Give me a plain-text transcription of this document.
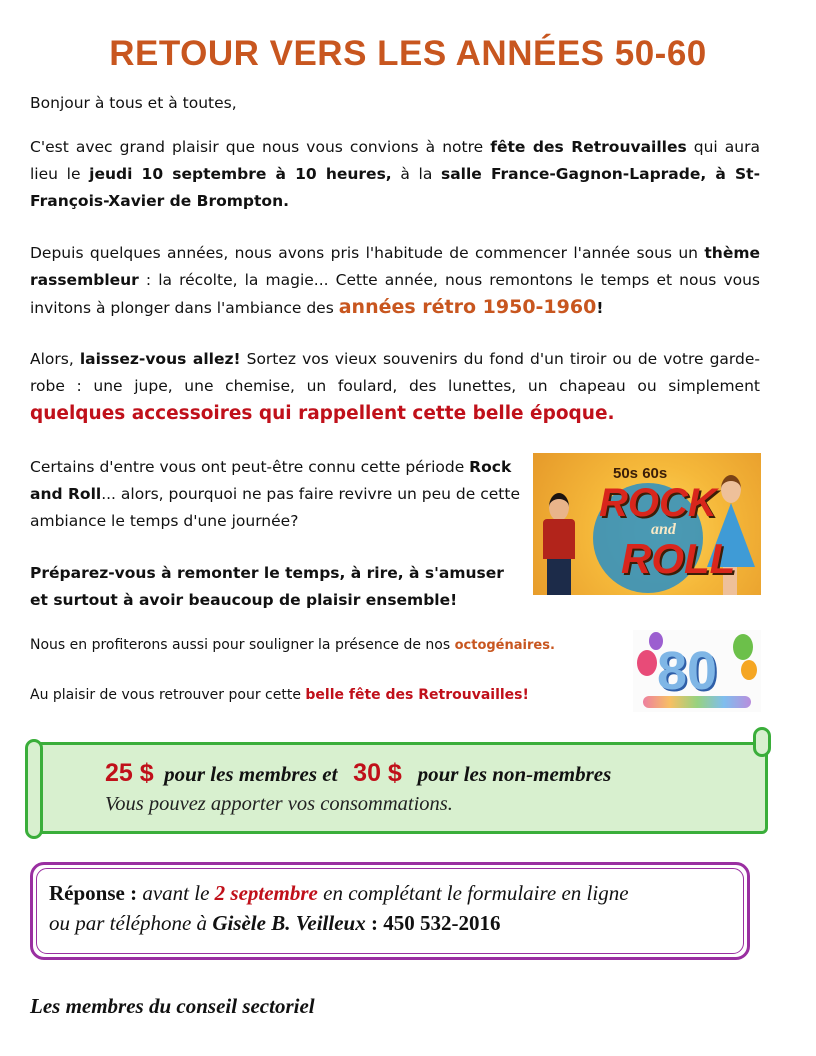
RETOUR VERS LES ANNÉES 50-60

Bonjour à tous et à toutes,

C'est avec grand plaisir que nous vous convions à notre fête des Retrouvailles qui aura lieu le jeudi 10 septembre à 10 heures, à la salle France-Gagnon-Laprade, à St-François-Xavier de Brompton.

Depuis quelques années, nous avons pris l'habitude de commencer l'année sous un thème rassembleur : la récolte, la magie... Cette année, nous remontons le temps et nous vous invitons à plonger dans l'ambiance des années rétro 1950-1960!

Alors, laissez-vous allez! Sortez vos vieux souvenirs du fond d'un tiroir ou de votre garde-robe : une jupe, une chemise, un foulard, des lunettes, un chapeau ou simplement quelques accessoires qui rappellent cette belle époque.

Certains d'entre vous ont peut-être connu cette période Rock and Roll... alors, pourquoi ne pas faire revivre un peu de cette ambiance le temps d'une journée?

Préparez-vous à remonter le temps, à rire, à s'amuser et surtout à avoir beaucoup de plaisir ensemble!

Nous en profiterons aussi pour souligner la présence de nos octogénaires.

Au plaisir de vous retrouver pour cette belle fête des Retrouvailles!

50s 60s
ROCK
and
ROLL
80
25 $ pour les membres et 30 $ pour les non-membres
Vous pouvez apporter vos consommations.
Réponse : avant le 2 septembre en complétant le formulaire en ligne
ou par téléphone à Gisèle B. Veilleux : 450 532-2016
Les membres du conseil sectoriel
